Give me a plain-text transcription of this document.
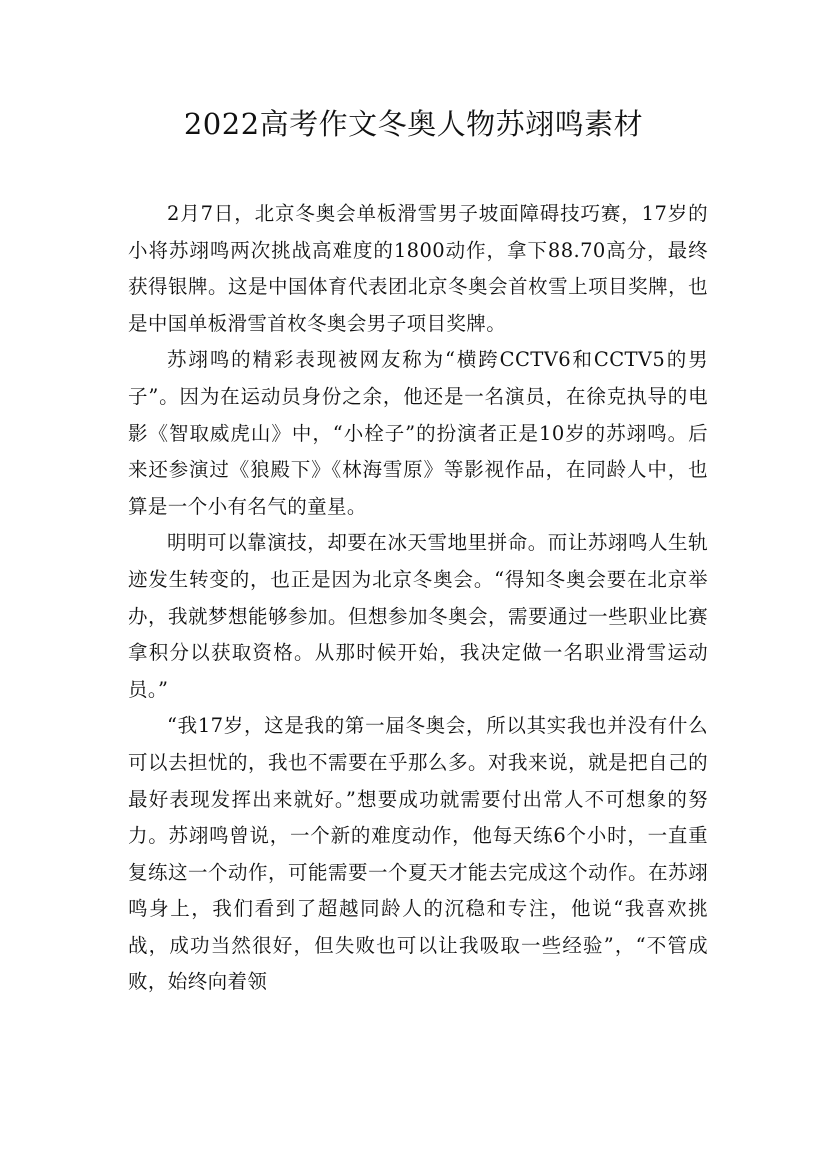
2022高考作文冬奥人物苏翊鸣素材

2月7日，北京冬奥会单板滑雪男子坡面障碍技巧赛，17岁的小将苏翊鸣两次挑战高难度的1800动作，拿下88.70高分，最终获得银牌。这是中国体育代表团北京冬奥会首枚雪上项目奖牌，也是中国单板滑雪首枚冬奥会男子项目奖牌。

苏翊鸣的精彩表现被网友称为“横跨CCTV6和CCTV5的男子”。因为在运动员身份之余，他还是一名演员，在徐克执导的电影《智取威虎山》中，“小栓子”的扮演者正是10岁的苏翊鸣。后来还参演过《狼殿下》《林海雪原》等影视作品，在同龄人中，也算是一个小有名气的童星。

明明可以靠演技，却要在冰天雪地里拼命。而让苏翊鸣人生轨迹发生转变的，也正是因为北京冬奥会。“得知冬奥会要在北京举办，我就梦想能够参加。但想参加冬奥会，需要通过一些职业比赛拿积分以获取资格。从那时候开始，我决定做一名职业滑雪运动员。”

“我17岁，这是我的第一届冬奥会，所以其实我也并没有什么可以去担忧的，我也不需要在乎那么多。对我来说，就是把自己的最好表现发挥出来就好。”想要成功就需要付出常人不可想象的努力。苏翊鸣曾说，一个新的难度动作，他每天练6个小时，一直重复练这一个动作，可能需要一个夏天才能去完成这个动作。在苏翊鸣身上，我们看到了超越同龄人的沉稳和专注，他说“我喜欢挑战，成功当然很好，但失败也可以让我吸取一些经验”，“不管成败，始终向着领
